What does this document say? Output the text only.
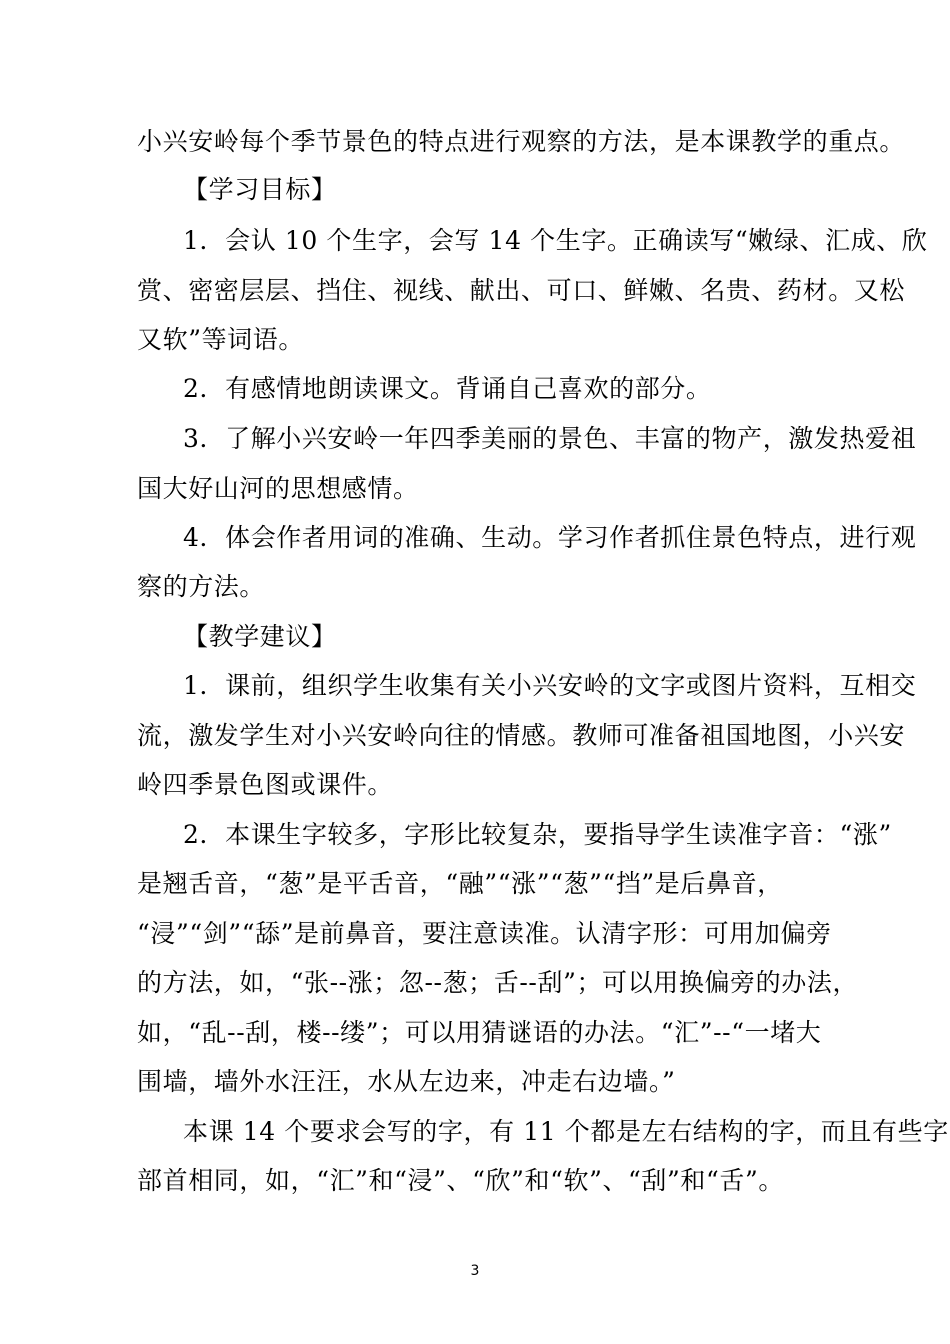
小兴安岭每个季节景色的特点进行观察的方法，是本课教学的重点。
【学习目标】
1．会认 10 个生字，会写 14 个生字。正确读写“嫩绿、汇成、欣
赏、密密层层、挡住、视线、献出、可口、鲜嫩、名贵、药材。又松
又软”等词语。
2．有感情地朗读课文。背诵自己喜欢的部分。
3．了解小兴安岭一年四季美丽的景色、丰富的物产，激发热爱祖
国大好山河的思想感情。
4．体会作者用词的准确、生动。学习作者抓住景色特点，进行观
察的方法。
【教学建议】
1．课前，组织学生收集有关小兴安岭的文字或图片资料，互相交
流，激发学生对小兴安岭向往的情感。教师可准备祖国地图，小兴安
岭四季景色图或课件。
2．本课生字较多，字形比较复杂，要指导学生读准字音：“涨”
是翘舌音，“葱”是平舌音，“融”“涨”“葱”“挡”是后鼻音，
“浸”“剑”“舔”是前鼻音，要注意读准。认清字形：可用加偏旁
的方法，如，“张--涨；忽--葱；舌--刮”；可以用换偏旁的办法，
如，“乱--刮，楼--缕”；可以用猜谜语的办法。“汇”--“一堵大
围墙，墙外水汪汪，水从左边来，冲走右边墙。”
本课 14 个要求会写的字，有 11 个都是左右结构的字，而且有些字
部首相同，如，“汇”和“浸”、“欣”和“软”、“刮”和“舌”。
3
